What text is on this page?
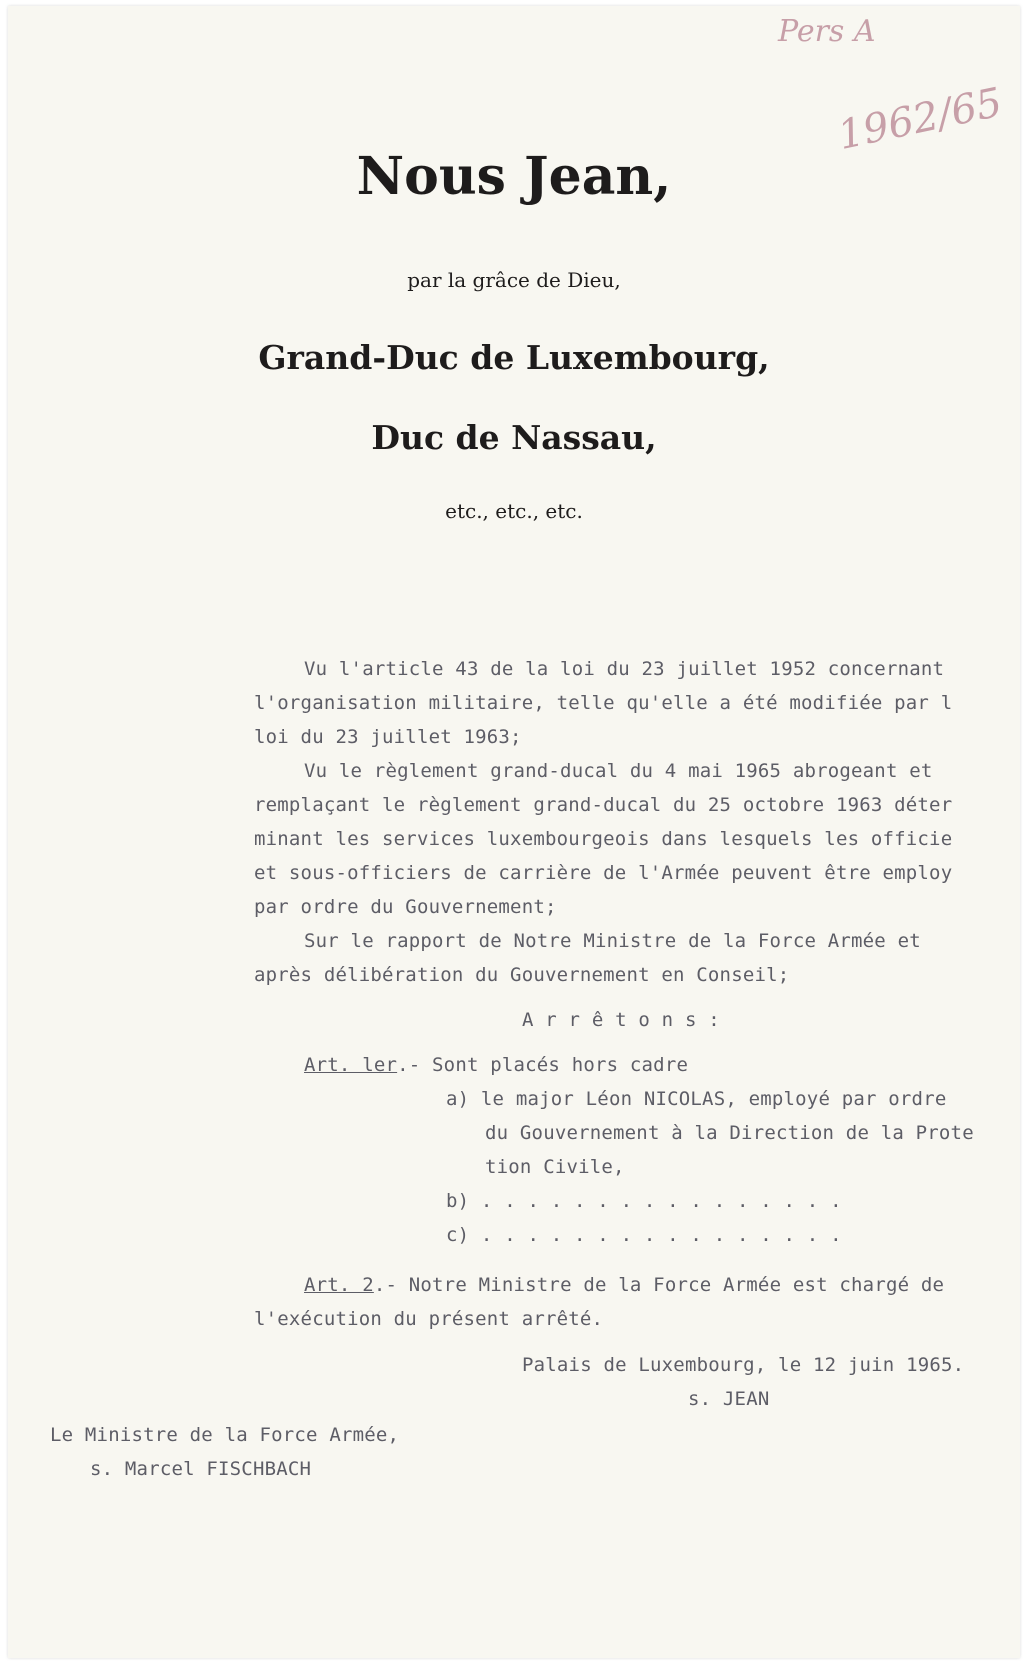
Pers A
1962/65
Nous Jean,
par la grâce de Dieu,
Grand-Duc de Luxembourg,
Duc de Nassau,
etc., etc., etc.
Vu l'article 43 de la loi du 23 juillet 1952 concernant
l'organisation militaire, telle qu'elle a été modifiée par l
loi du 23 juillet 1963;
Vu le règlement grand-ducal du 4 mai 1965 abrogeant et
remplaçant le règlement grand-ducal du 25 octobre 1963 déter
minant les services luxembourgeois dans lesquels les officie
et sous-officiers de carrière de l'Armée peuvent être employ
par ordre du Gouvernement;
Sur le rapport de Notre Ministre de la Force Armée et
après délibération du Gouvernement en Conseil;
A r r ê t o n s :
Art. ler.- Sont placés hors cadre
a) le major Léon NICOLAS, employé par ordre
du Gouvernement à la Direction de la Prote
tion Civile,
b) . . . . . . . . . . . . . . . .
c) . . . . . . . . . . . . . . . .
Art. 2.- Notre Ministre de la Force Armée est chargé de
l'exécution du présent arrêté.
Palais de Luxembourg, le 12 juin 1965.
s. JEAN
Le Ministre de la Force Armée,
s. Marcel FISCHBACH
